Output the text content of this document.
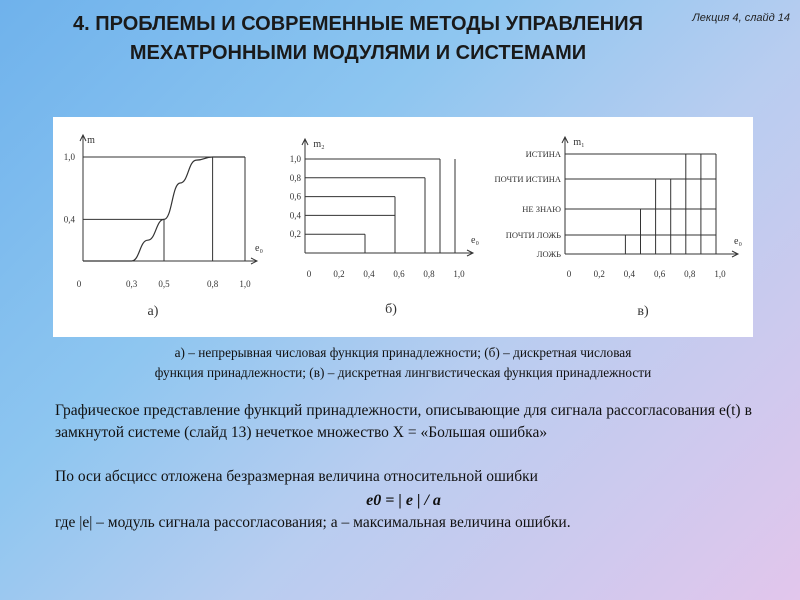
4. ПРОБЛЕМЫ И СОВРЕМЕННЫЕ МЕТОДЫ УПРАВЛЕНИЯ МЕХАТРОННЫМИ МОДУЛЯМИ И СИСТЕМАМИ
Лекция 4, слайд 14
m
e₀
1,0
0,4
0	0,3 0,5	0,8 1,0
а)
m₂
e₀
1,0
0,8
0,6
0,4
0,2
0 0,2 0,4 0,6 0,8 1,0
б)
m₁
e₀
ИСТИНА
ПОЧТИ ИСТИНА
НЕ ЗНАЮ
ПОЧТИ ЛОЖЬ
ЛОЖЬ
0 0,2 0,4 0,6 0,8 1,0
в)
а) – непрерывная числовая функция принадлежности; (б) – дискретная числовая
функция принадлежности; (в) – дискретная лингвистическая функция принадлежности

Графическое представление функций принадлежности, описывающие для сигнала рассогласования e(t) в замкнутой системе (слайд 13) нечеткое множество X = «Большая ошибка»

По оси абсцисс отложена безразмерная величина относительной ошибки

e0 = | e | / a

где |e| – модуль сигнала рассогласования; a – максимальная величина ошибки.
